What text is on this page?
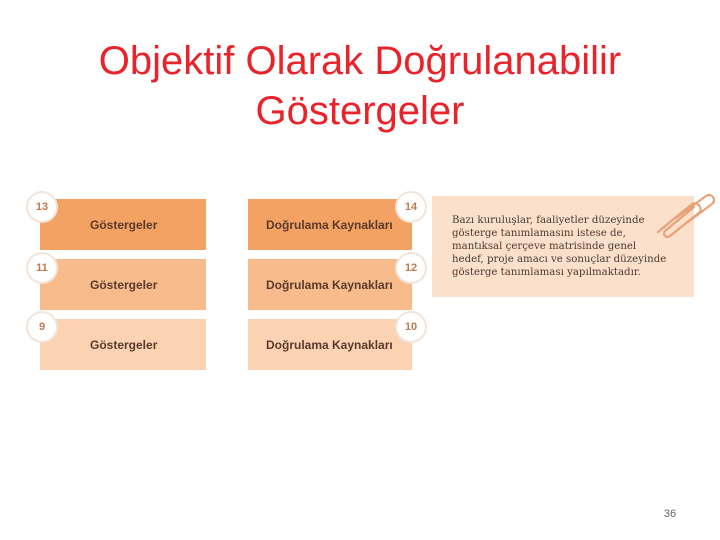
Objektif Olarak Doğrulanabilir
Göstergeler
Göstergeler	Doğrulama Kaynakları
13	14
Göstergeler	Doğrulama Kaynakları
11	12
Göstergeler	Doğrulama Kaynakları
9	10
Bazı kuruluşlar, faaliyetler düzeyinde
gösterge tanımlamasını istese de,
mantıksal çerçeve matrisinde genel
hedef, proje amacı ve sonuçlar düzeyinde
gösterge tanımlaması yapılmaktadır.
36
